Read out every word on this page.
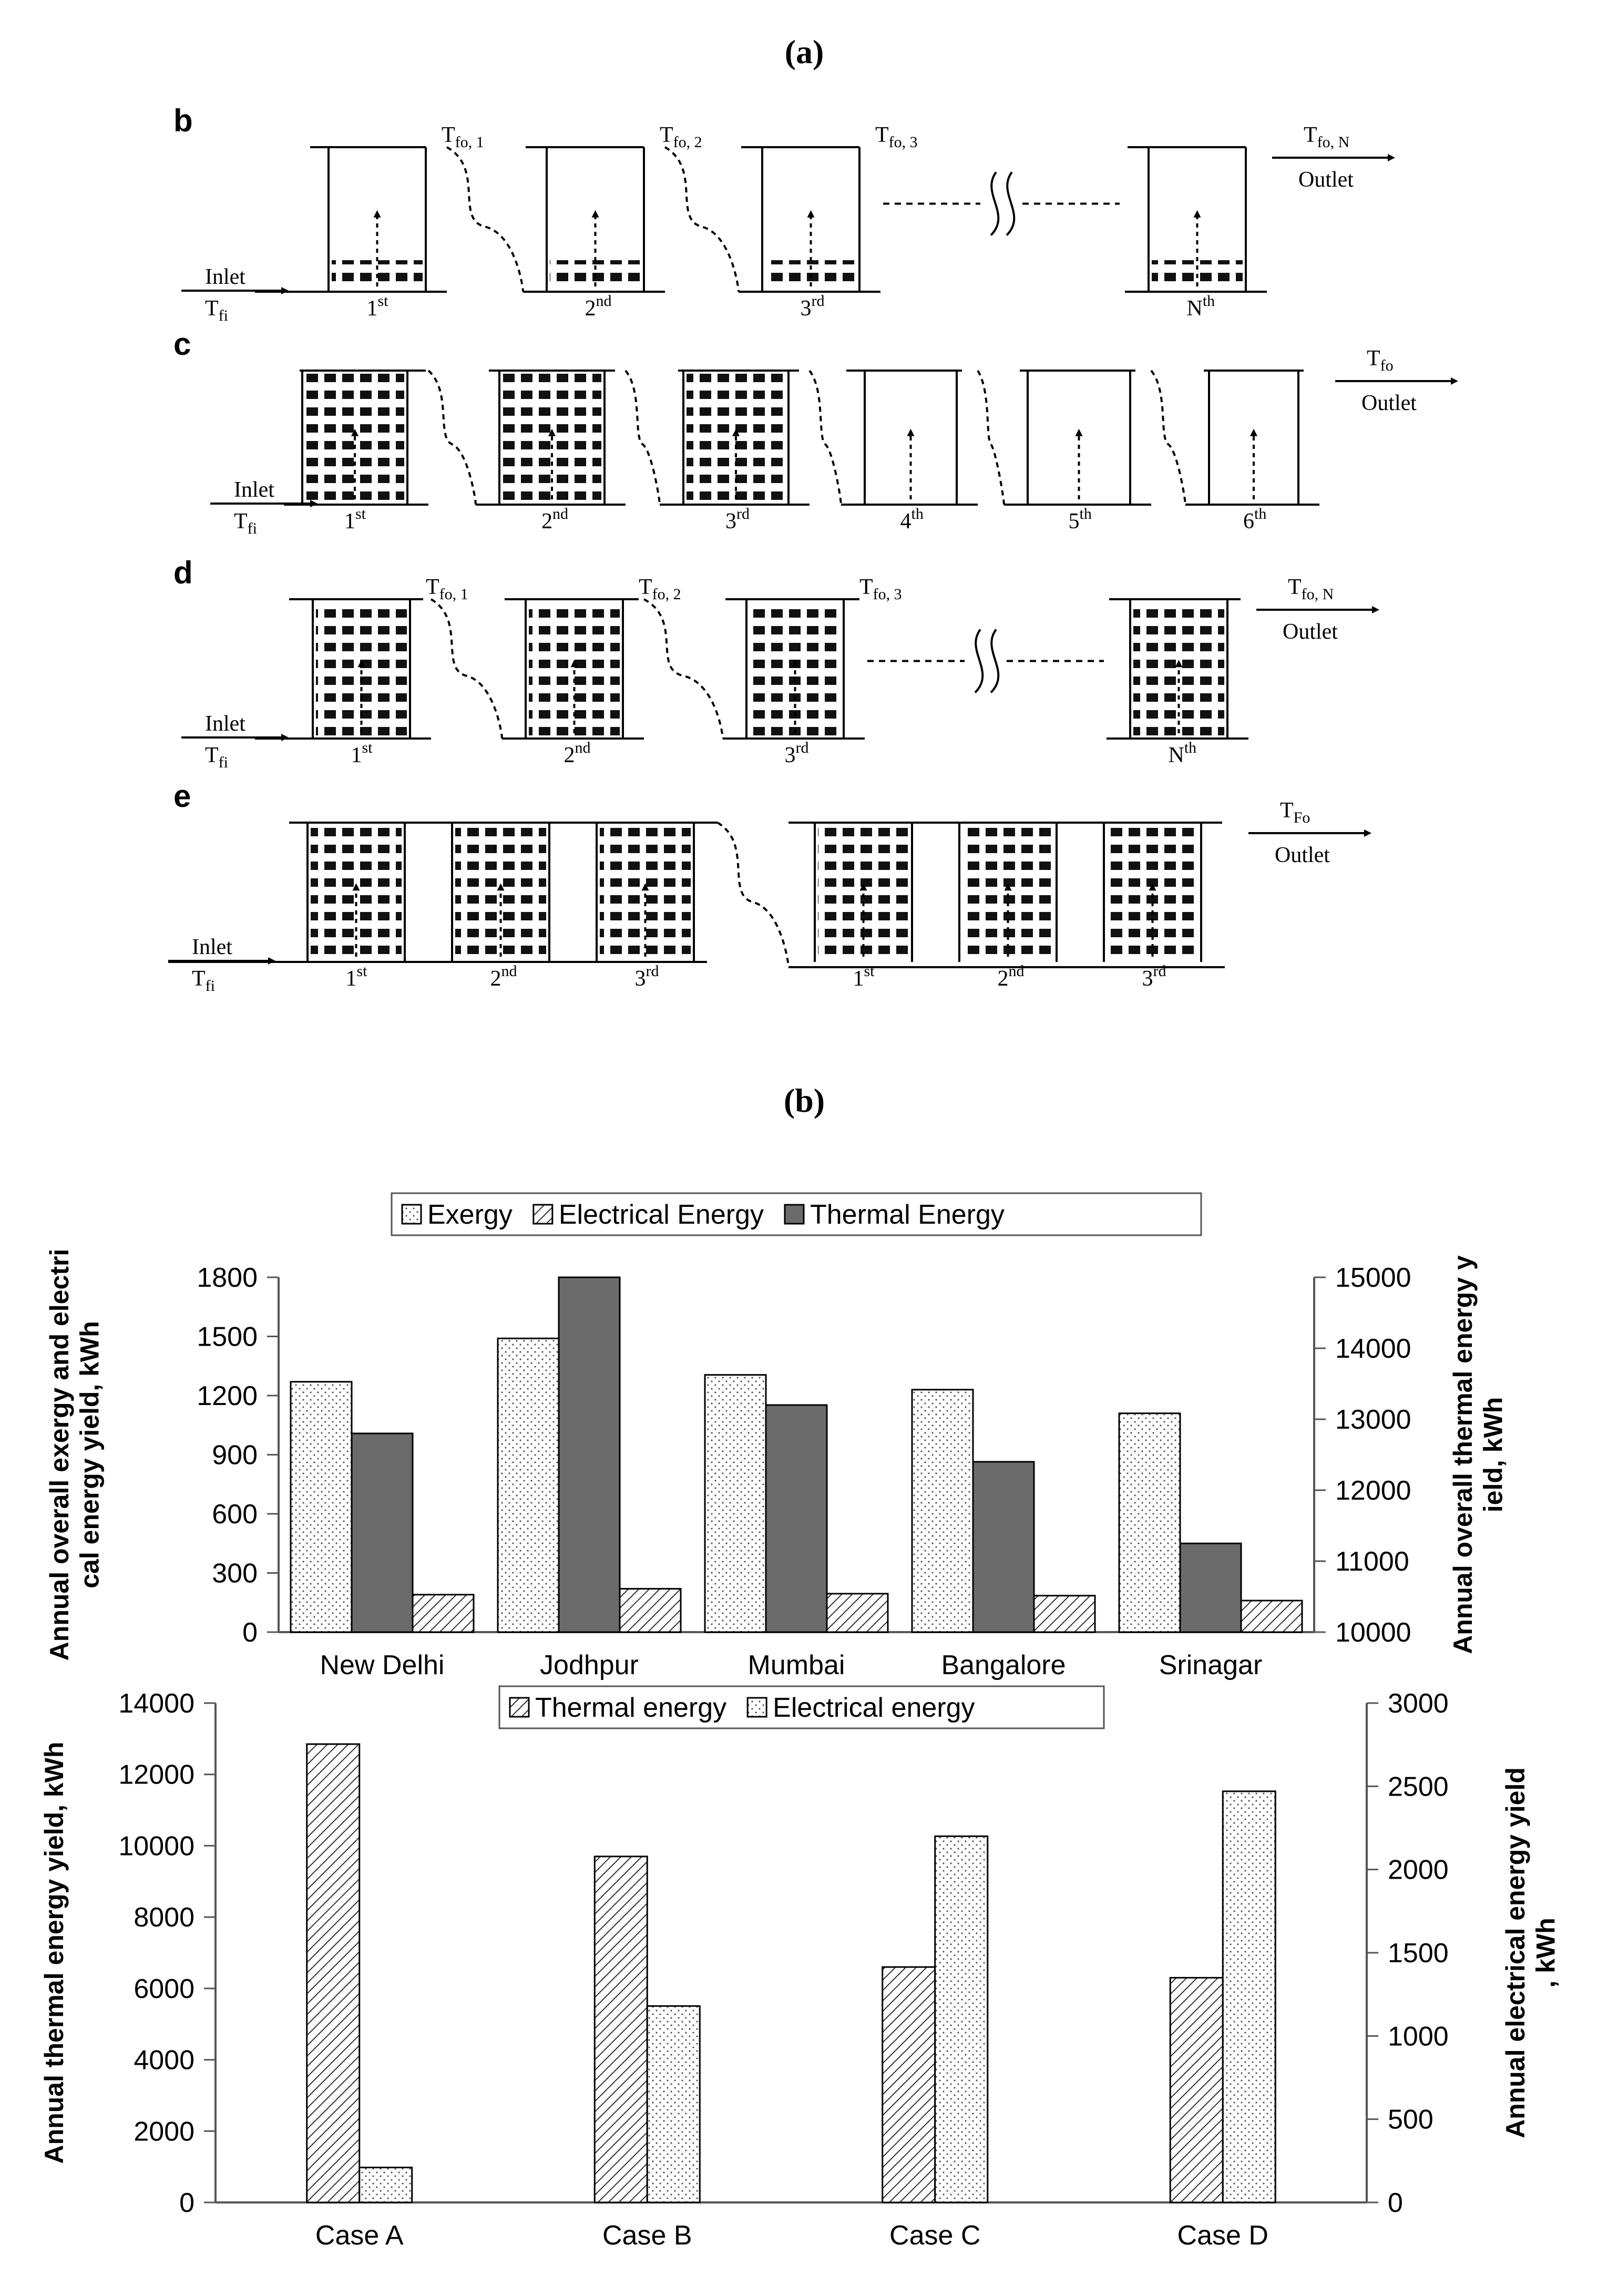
(a)
(b)
b
1st	2nd	3rd	$N^{th}$
Inlet
$T_{fi}$
$T_{fo, N}$
Outlet
$T_{fo, 1}$	$T_{fo, 2}$	$T_{fo, 3}$
c
1st	2nd	3rd	4th	5th	6th
Inlet
$T_{fi}$
$T_{fo}$
Outlet
d
1st	2nd	3rd	$N^{th}$
Inlet
$T_{fi}$
$T_{fo, N}$
Outlet
$T_{fo, 1}$	$T_{fo, 2}$	$T_{fo, 3}$
e
1st	2nd	3rd	1st	2nd	3rd
Inlet
$T_{fi}$
$T_{Fo}$
Outlet
Exergy Electrical Energy Thermal Energy
0
300
600
900
1200
1500
1800
10000
11000
12000
13000
14000
15000
New Delhi	Jodhpur	Mumbai	Bangalore	Srinagar
Annual overall exergy and electrical energy yield, kWh	Annual overall thermal energy yield, kWh
Thermal energy Electrical energy
0
2000
4000
6000
8000
10000
12000
14000
0
500
1000
1500
2000
2500
3000
Case A	Case B	Case C	Case D
Annual thermal energy yield, kWh	Annual electrical energy yield, kWh
